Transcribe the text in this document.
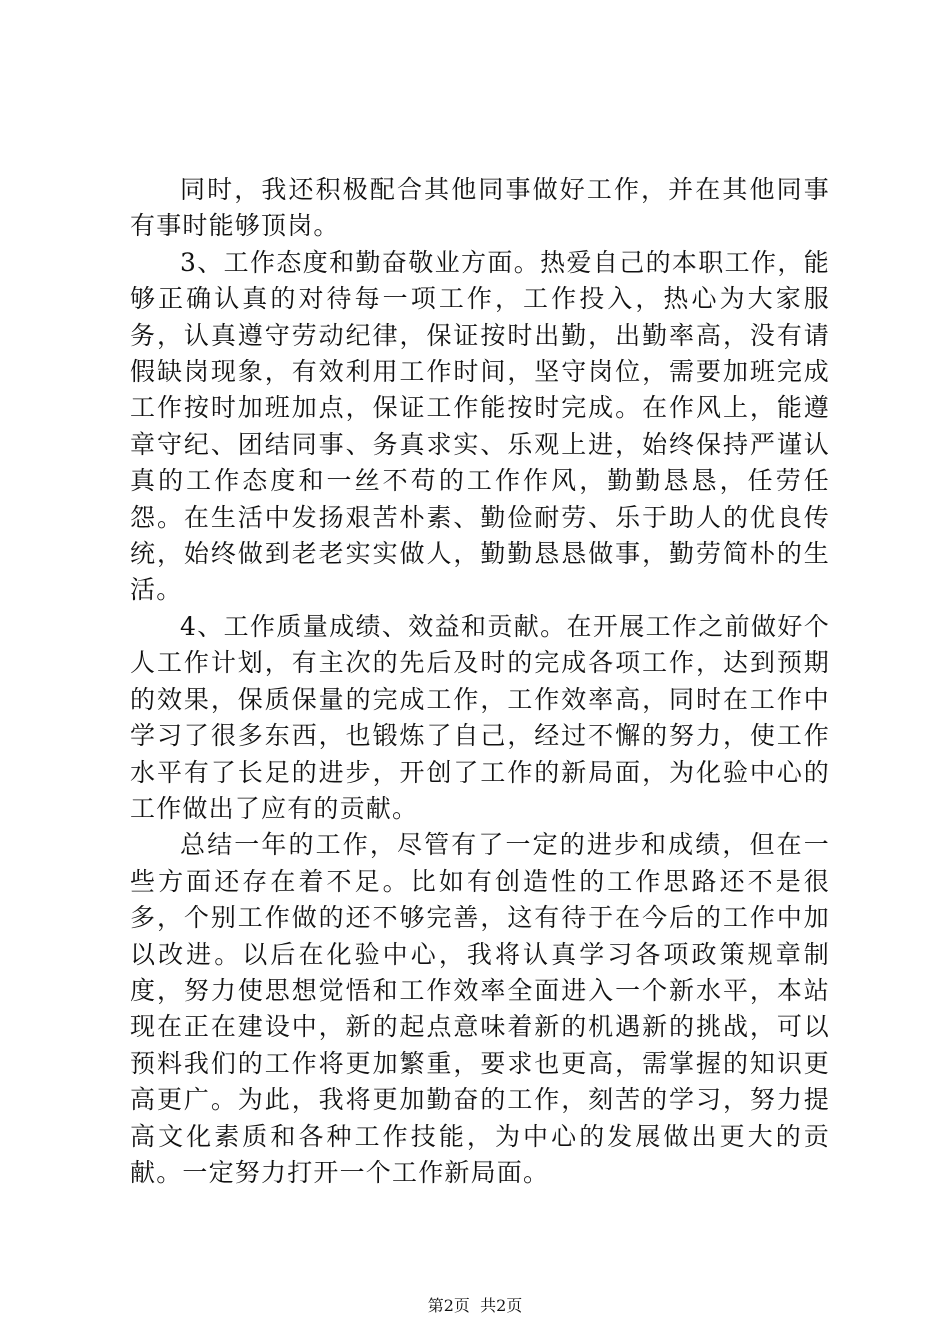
同时，我还积极配合其他同事做好工作，并在其他同事有事时能够顶岗。

3、工作态度和勤奋敬业方面。热爱自己的本职工作，能够正确认真的对待每一项工作，工作投入，热心为大家服务，认真遵守劳动纪律，保证按时出勤，出勤率高，没有请假缺岗现象，有效利用工作时间，坚守岗位，需要加班完成工作按时加班加点，保证工作能按时完成。在作风上，能遵章守纪、团结同事、务真求实、乐观上进，始终保持严谨认真的工作态度和一丝不苟的工作作风，勤勤恳恳，任劳任怨。在生活中发扬艰苦朴素、勤俭耐劳、乐于助人的优良传统，始终做到老老实实做人，勤勤恳恳做事，勤劳简朴的生活。

4、工作质量成绩、效益和贡献。在开展工作之前做好个人工作计划，有主次的先后及时的完成各项工作，达到预期的效果，保质保量的完成工作，工作效率高，同时在工作中学习了很多东西，也锻炼了自己，经过不懈的努力，使工作水平有了长足的进步，开创了工作的新局面，为化验中心的工作做出了应有的贡献。

总结一年的工作，尽管有了一定的进步和成绩，但在一些方面还存在着不足。比如有创造性的工作思路还不是很多，个别工作做的还不够完善，这有待于在今后的工作中加以改进。以后在化验中心，我将认真学习各项政策规章制度，努力使思想觉悟和工作效率全面进入一个新水平，本站现在正在建设中，新的起点意味着新的机遇新的挑战，可以预料我们的工作将更加繁重，要求也更高，需掌握的知识更高更广。为此，我将更加勤奋的工作，刻苦的学习，努力提高文化素质和各种工作技能，为中心的发展做出更大的贡献。一定努力打开一个工作新局面。

第2页  共2页
